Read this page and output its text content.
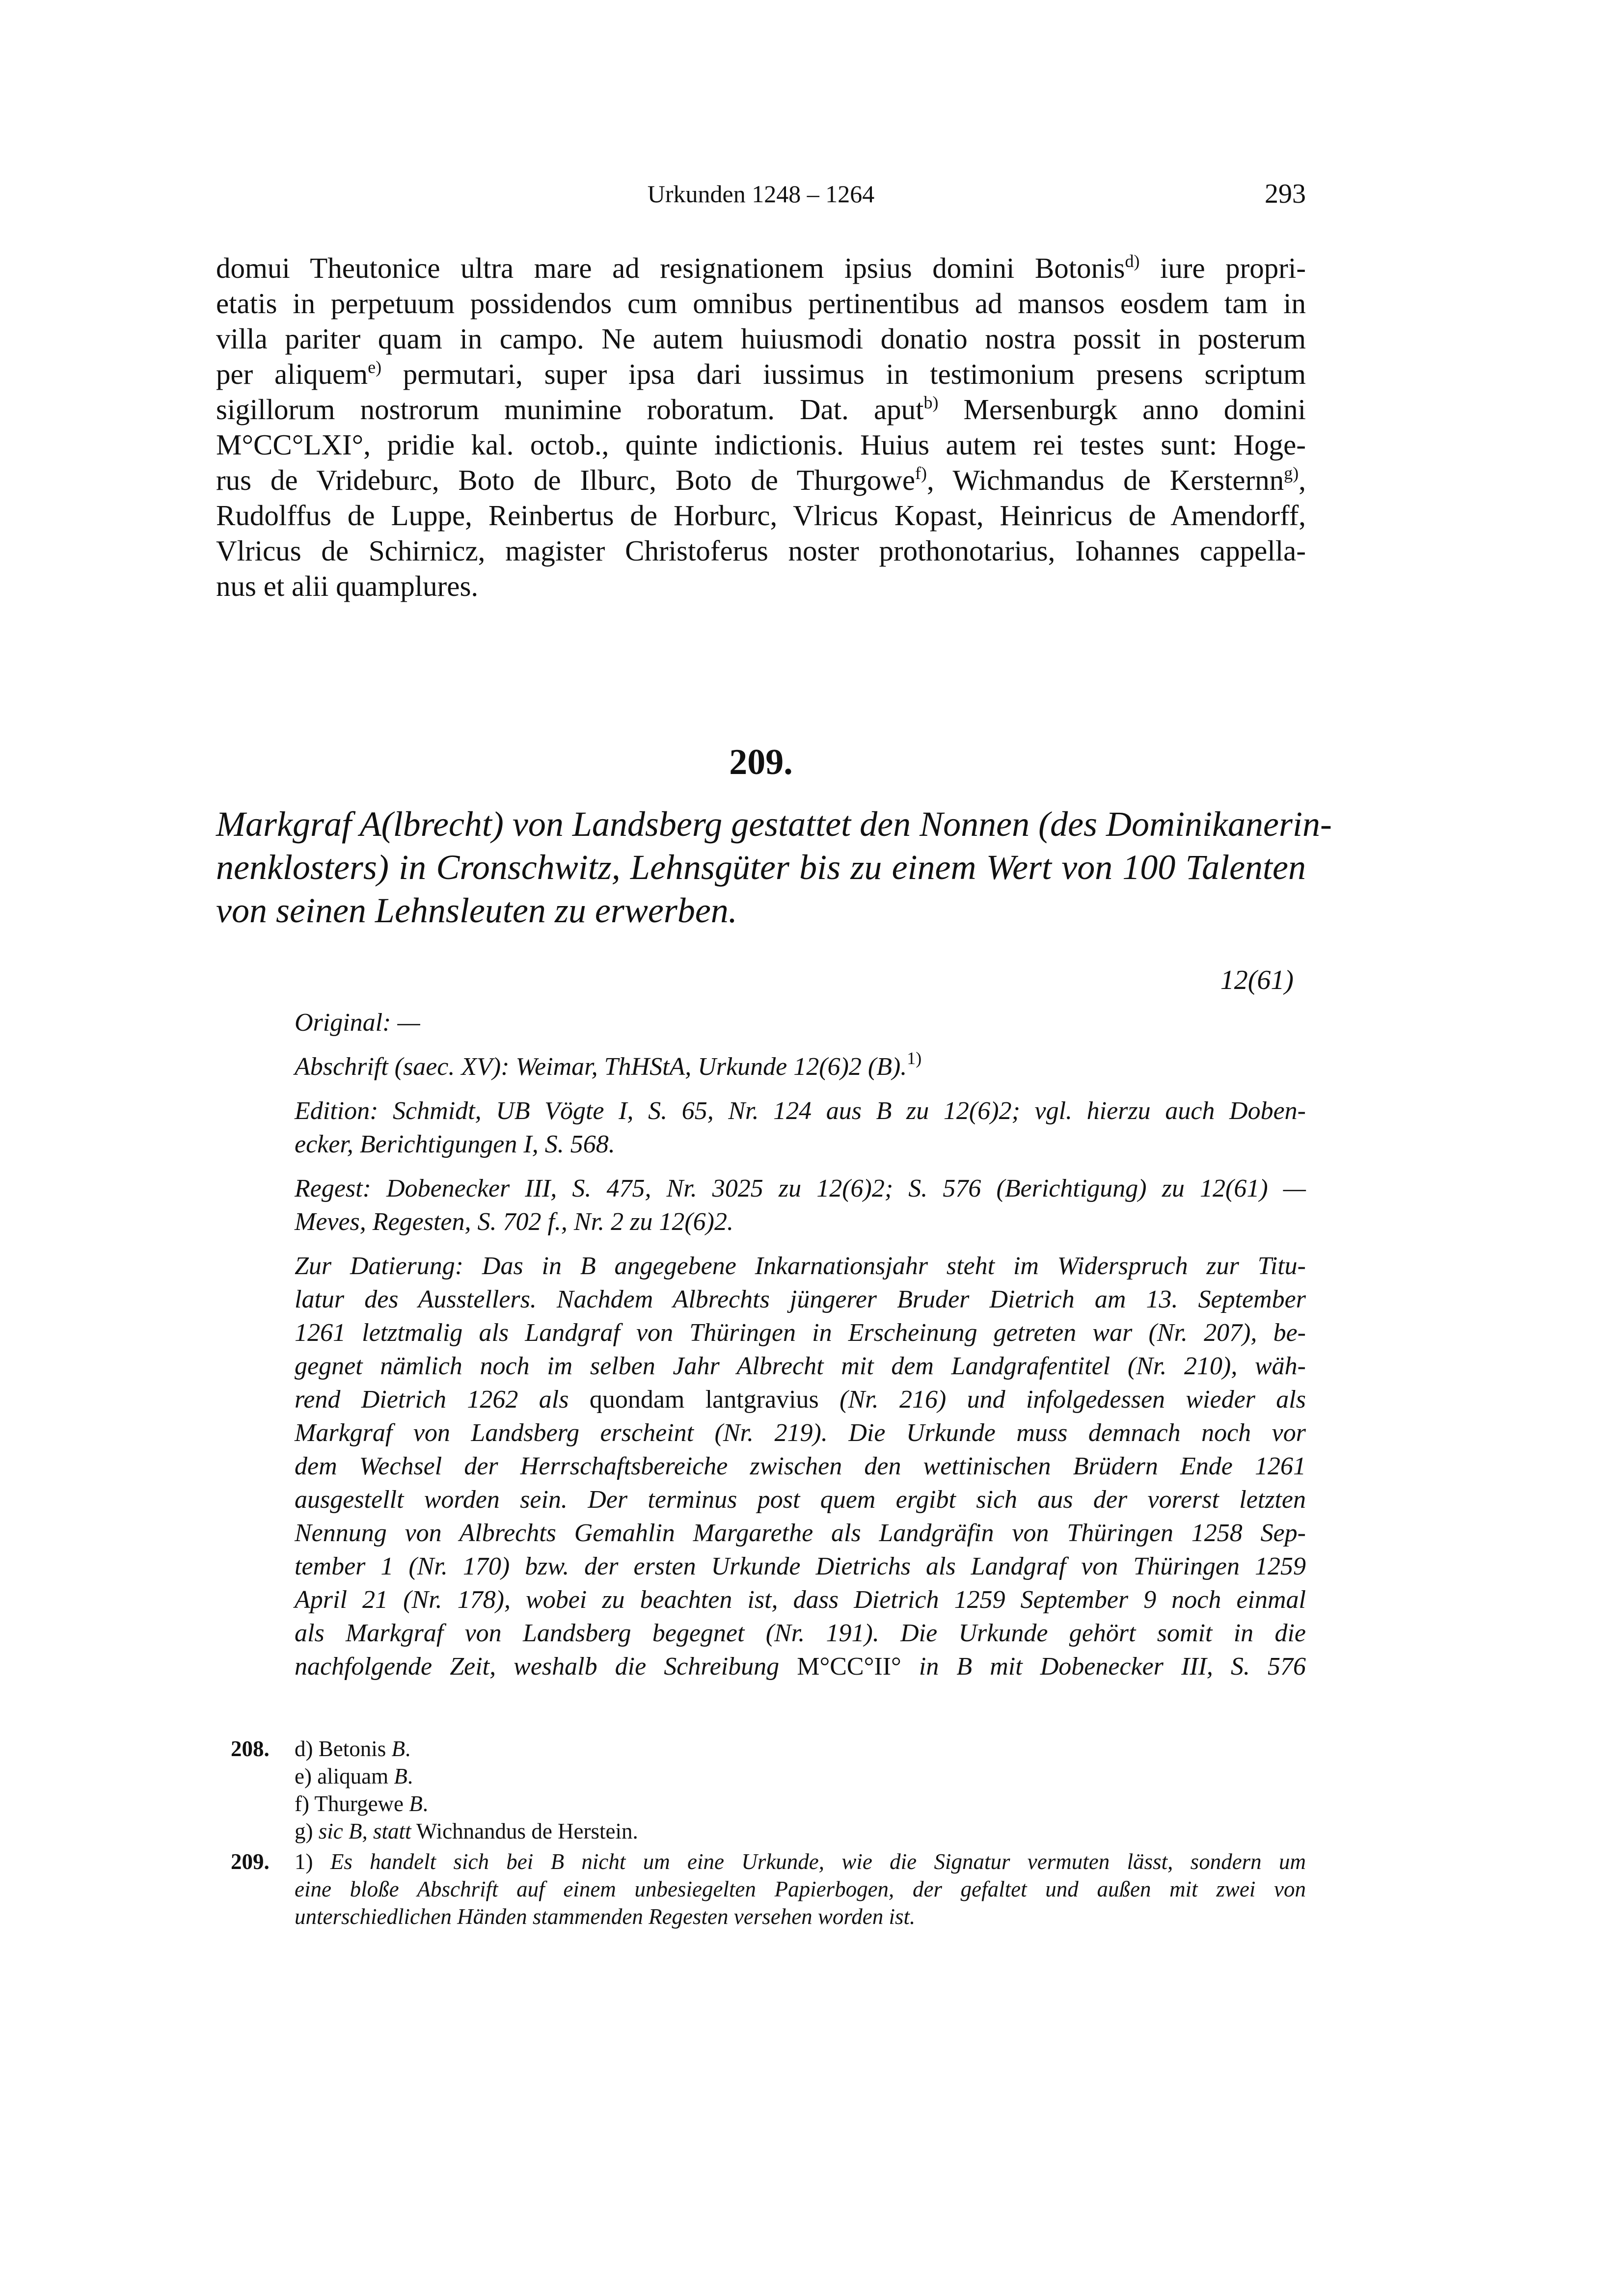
Urkunden 1248 – 1264	293
domui Theutonice ultra mare ad resignationem ipsius domini Botonis$^{d)}$ iure propri-
etatis in perpetuum possidendos cum omnibus pertinentibus ad mansos eosdem tam in
villa pariter quam in campo. Ne autem huiusmodi donatio nostra possit in posterum
per aliquem$^{e)}$ permutari, super ipsa dari iussimus in testimonium presens scriptum
sigillorum nostrorum munimine roboratum. Dat. aput$^{b)}$ Mersenburgk anno domini
M°CC°LXI°, pridie kal. octob., quinte indictionis. Huius autem rei testes sunt: Hoge-
rus de Vrideburc, Boto de Ilburc, Boto de Thurgowe$^{f)}$, Wichmandus de Kersternn$^{g)}$,
Rudolffus de Luppe, Reinbertus de Horburc, Vlricus Kopast, Heinricus de Amendorff,
Vlricus de Schirnicz, magister Christoferus noster prothonotarius, Iohannes cappella-
nus et alii quamplures.
209.
Markgraf A(lbrecht) von Landsberg gestattet den Nonnen (des Dominikanerin-
nenklosters) in Cronschwitz, Lehnsgüter bis zu einem Wert von 100 Talenten
von seinen Lehnsleuten zu erwerben.
12(61)
Original: —
Abschrift (saec. XV): Weimar, ThHStA, Urkunde 12(6)2 (B).$^{1)}$
Edition: Schmidt, UB Vögte I, S. 65, Nr. 124 aus B zu 12(6)2; vgl. hierzu auch Doben-
ecker, Berichtigungen I, S. 568.
Regest: Dobenecker III, S. 475, Nr. 3025 zu 12(6)2; S. 576 (Berichtigung) zu 12(61) —
Meves, Regesten, S. 702 f., Nr. 2 zu 12(6)2.
Zur Datierung: Das in B angegebene Inkarnationsjahr steht im Widerspruch zur Titu-
latur des Ausstellers. Nachdem Albrechts jüngerer Bruder Dietrich am 13. September
1261 letztmalig als Landgraf von Thüringen in Erscheinung getreten war (Nr. 207), be-
gegnet nämlich noch im selben Jahr Albrecht mit dem Landgrafentitel (Nr. 210), wäh-
rend Dietrich 1262 als quondam lantgravius (Nr. 216) und infolgedessen wieder als
Markgraf von Landsberg erscheint (Nr. 219). Die Urkunde muss demnach noch vor
dem Wechsel der Herrschaftsbereiche zwischen den wettinischen Brüdern Ende 1261
ausgestellt worden sein. Der terminus post quem ergibt sich aus der vorerst letzten
Nennung von Albrechts Gemahlin Margarethe als Landgräfin von Thüringen 1258 Sep-
tember 1 (Nr. 170) bzw. der ersten Urkunde Dietrichs als Landgraf von Thüringen 1259
April 21 (Nr. 178), wobei zu beachten ist, dass Dietrich 1259 September 9 noch einmal
als Markgraf von Landsberg begegnet (Nr. 191). Die Urkunde gehört somit in die
nachfolgende Zeit, weshalb die Schreibung M°CC°II° in B mit Dobenecker III, S. 576
208. d) Betonis B.
e) aliquam B.
f) Thurgewe B.
g) sic B, statt Wichnandus de Herstein.
209. 1) Es handelt sich bei B nicht um eine Urkunde, wie die Signatur vermuten lässt, sondern um
eine bloße Abschrift auf einem unbesiegelten Papierbogen, der gefaltet und außen mit zwei von
unterschiedlichen Händen stammenden Regesten versehen worden ist.
